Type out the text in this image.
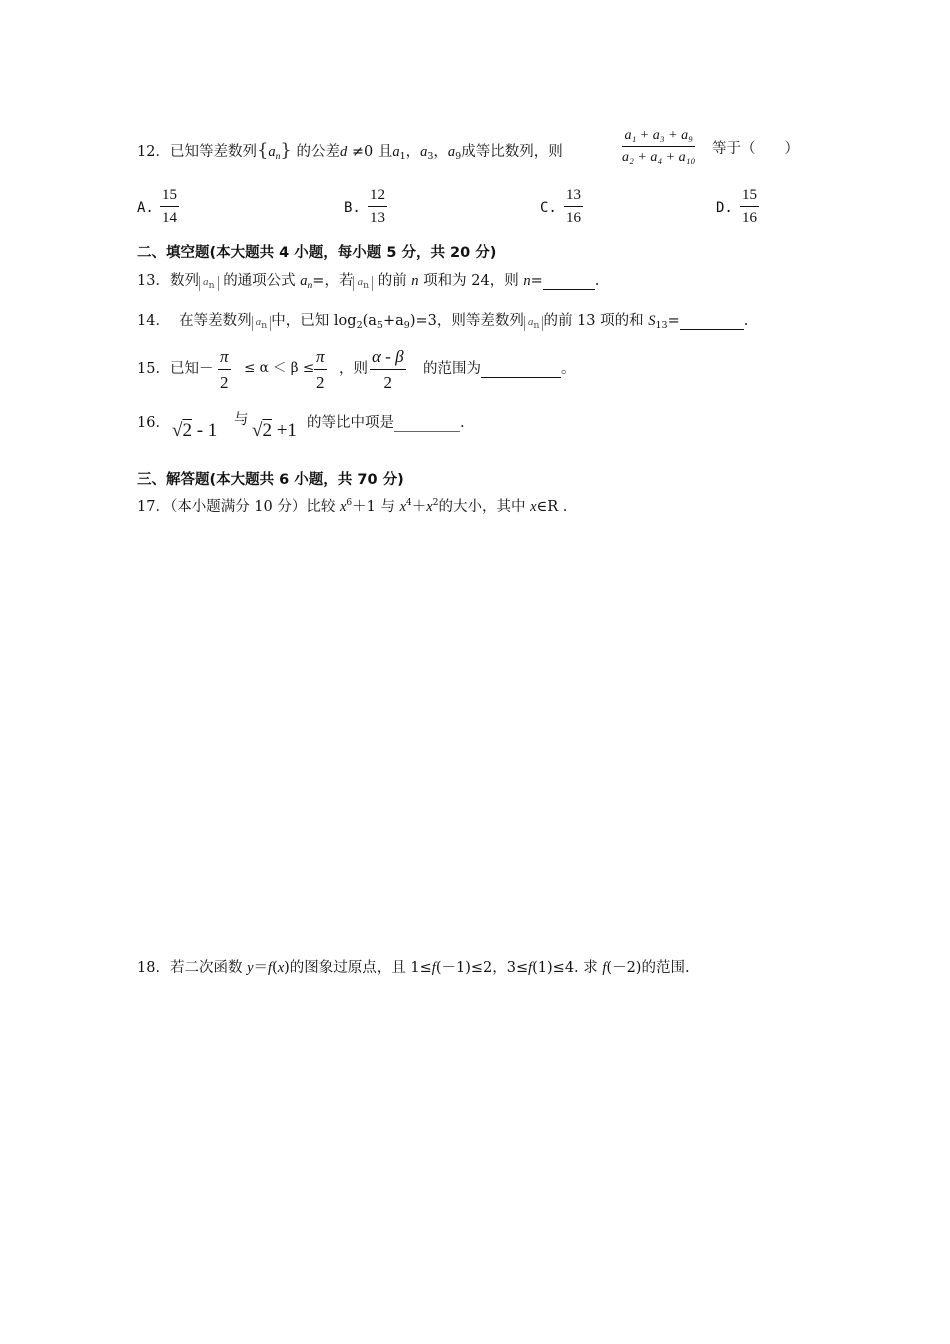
12．已知等差数列$\{a_n\}$ 的公差d ≠0 且$a_1$，$a_3$，$a_9$成等比数列，则	$\frac{\text{a₁ + a₃ + a₉}}{\text{a₂ + a₄ + a₁₀}}$ 等于（　　）
A. $\frac{15}{14}$	B. $\frac{12}{13}$	C. $\frac{13}{16}$	D. $\frac{15}{16}$
二、填空题(本大题共 4 小题，每小题 5 分，共 20 分)
13．数列 an 的通项公式 $a_n=$，若 an 的前 n 项和为 24，则 n=	.
14． 在等差数列 an 中，已知 $\log_2(a_5+a_9)=3$，则等差数列 an 的前 13 项的和 $S_{13}=$	.
15．已知－ $\frac{\pi}{2} \le \alpha < \beta \le \frac{\pi}{2}$ ，则 $\frac{\alpha - \beta}{2}$ 的范围为	。
16． √2 - 1 与 √2 +1 的等比中项是	.
三、解答题(本大题共 6 小题，共 70 分)
17．（本小题满分 10 分）比较 $x^6+1$ 与 $x^4+x^2$的大小，其中 x∈R .
18．若二次函数 y＝f(x)的图象过原点，且 1≤f(－1)≤2，3≤f(1)≤4. 求 f(－2)的范围.
